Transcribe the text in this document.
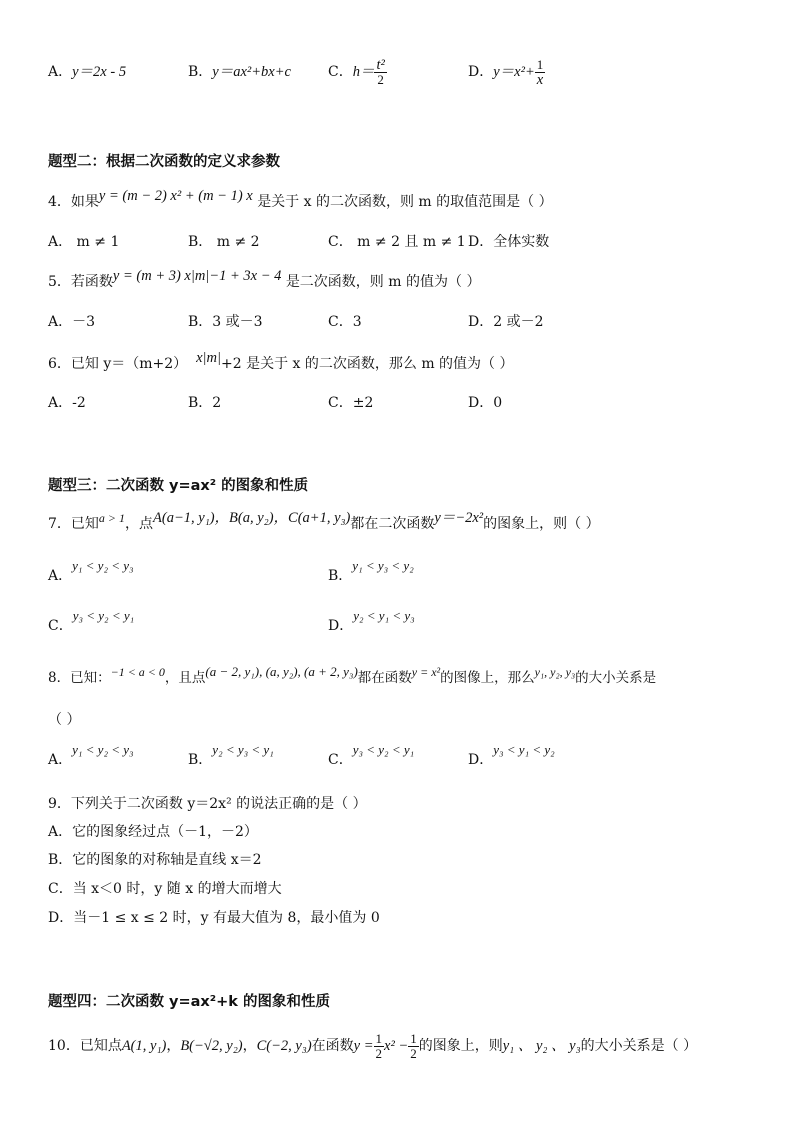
A．y＝2x - 5	B．y＝ax²+bx+c	C．$h= \frac{\text{t²}}{2}$	D．$y=x^2+ \frac{1}{x}$
题型二：根据二次函数的定义求参数
4．如果y = (m − 2) x² + (m − 1) x 是关于 x 的二次函数，则 m 的取值范围是（ ）
A． m ≠ 1	B． m ≠ 2	C． m ≠ 2 且 m ≠ 1 D．全体实数
5．若函数y = (m + 3) x|m|−1 + 3x − 4 是二次函数，则 m 的值为（ ）
A．－3	B．3 或－3	C．3	D．2 或－2
6．已知 y＝（m+2） x|m|+2 是关于 x 的二次函数，那么 m 的值为（ ）
A．-2	B．2	C．±2	D．0
题型三：二次函数 y=ax² 的图象和性质
7．已知a > 1，点A(a−1, y₁)，B(a, y₂)，C(a+1, y₃)都在二次函数y＝−2x²的图象上，则（ ）
A．y₁ < y₂ < y₃
B．y₁ < y₃ < y₂
C．y₃ < y₂ < y₁
D．y₂ < y₁ < y₃
8．已知：−1 < a < 0，且点(a − 2, y₁), (a, y₂), (a + 2, y₃)都在函数y = x²的图像上，那么y₁, y₂, y₃的大小关系是
（ ）
A．y₁ < y₂ < y₃
B．y₂ < y₃ < y₁
C．y₃ < y₂ < y₁
D．y₃ < y₁ < y₂
9．下列关于二次函数 y＝2x² 的说法正确的是（ ）
A．它的图象经过点（－1，－2）
B．它的图象的对称轴是直线 x＝2
C．当 x＜0 时，y 随 x 的增大而增大
D．当－1 ≤ x ≤ 2 时，y 有最大值为 8，最小值为 0
题型四：二次函数 y=ax²+k 的图象和性质
10．已知点A(1, y₁)，B(−√2, y₂)，C(−2, y₃)在函数$y = \frac{1}{2} x^2 - \frac{1}{2}$ 的图象上，则y₁ 、 y₂ 、 y₃的大小关系是（ ）
